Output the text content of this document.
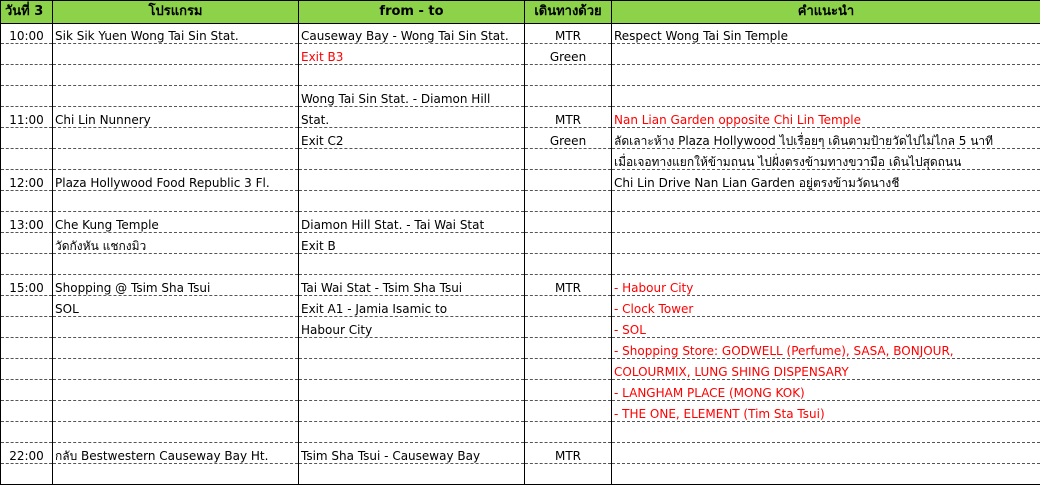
วันที่ 3	โปรแกรม	from - to	เดินทางด้วย	คำแนะนำ
10:00	Sik Sik Yuen Wong Tai Sin Stat.	Causeway Bay - Wong Tai Sin Stat.	MTR	Respect Wong Tai Sin Temple
		Exit B3	Green	

		Wong Tai Sin Stat. - Diamon Hill		
11:00	Chi Lin Nunnery	Stat.	MTR	Nan Lian Garden opposite Chi Lin Temple
		Exit C2	Green	ลัดเลาะห้าง Plaza Hollywood ไปเรื่อยๆ เดินตามป้ายวัดไปไม่ไกล 5 นาที
				เมื่อเจอทางแยกให้ข้ามถนน ไปฝั่งตรงข้ามทางขวามือ เดินไปสุดถนน
12:00	Plaza Hollywood Food Republic 3 Fl.			Chi Lin Drive Nan Lian Garden อยู่ตรงข้ามวัดนางชี

13:00	Che Kung Temple	Diamon Hill Stat. - Tai Wai Stat		
	วัดกังหัน แชกงมิว	Exit B		

15:00	Shopping @ Tsim Sha Tsui	Tai Wai Stat - Tsim Sha Tsui	MTR	- Habour City
	SOL	Exit A1 - Jamia Isamic to		- Clock Tower
		Habour City		- SOL
				- Shopping Store: GODWELL (Perfume), SASA, BONJOUR,
				COLOURMIX, LUNG SHING DISPENSARY
				- LANGHAM PLACE (MONG KOK)
				- THE ONE, ELEMENT (Tim Sta Tsui)

22:00	กลับ Bestwestern Causeway Bay Ht.	Tsim Sha Tsui - Causeway Bay	MTR	
